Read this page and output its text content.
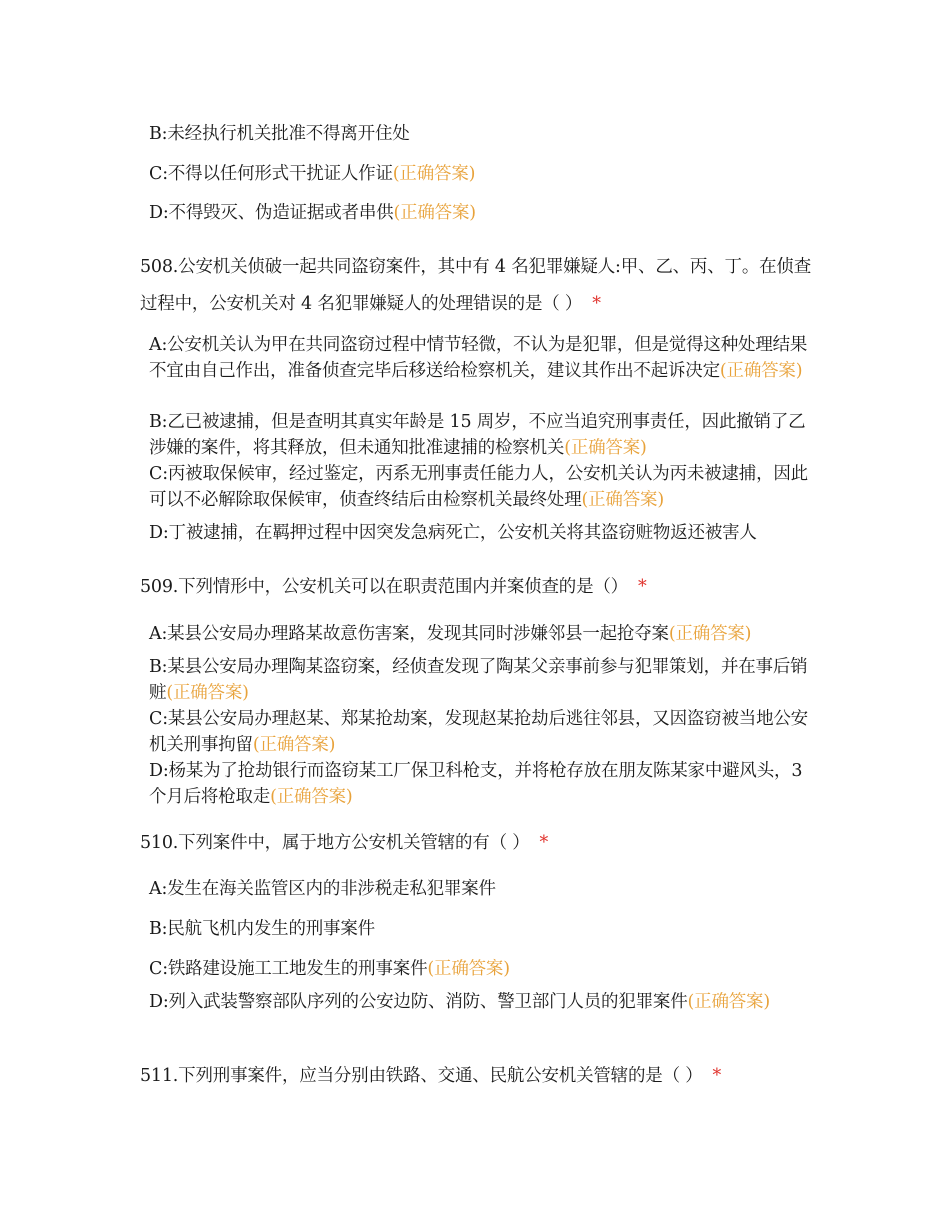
B:未经执行机关批准不得离开住处
C:不得以任何形式干扰证人作证(正确答案)
D:不得毁灭、伪造证据或者串供(正确答案)
508.公安机关侦破一起共同盗窃案件，其中有 4 名犯罪嫌疑人:甲、乙、丙、丁。在侦查过程中，公安机关对 4 名犯罪嫌疑人的处理错误的是（ ） *
A:公安机关认为甲在共同盗窃过程中情节轻微，不认为是犯罪，但是觉得这种处理结果不宜由自己作出，准备侦查完毕后移送给检察机关，建议其作出不起诉决定(正确答案)
B:乙已被逮捕，但是查明其真实年龄是 15 周岁，不应当追究刑事责任，因此撤销了乙涉嫌的案件，将其释放，但未通知批准逮捕的检察机关(正确答案)
C:丙被取保候审，经过鉴定，丙系无刑事责任能力人，公安机关认为丙未被逮捕，因此可以不必解除取保候审，侦查终结后由检察机关最终处理(正确答案)
D:丁被逮捕，在羁押过程中因突发急病死亡，公安机关将其盗窃赃物返还被害人
509.下列情形中，公安机关可以在职责范围内并案侦查的是（） *
A:某县公安局办理路某故意伤害案，发现其同时涉嫌邻县一起抢夺案(正确答案)
B:某县公安局办理陶某盗窃案，经侦查发现了陶某父亲事前参与犯罪策划，并在事后销赃(正确答案)
C:某县公安局办理赵某、郑某抢劫案，发现赵某抢劫后逃往邻县，又因盗窃被当地公安机关刑事拘留(正确答案)
D:杨某为了抢劫银行而盗窃某工厂保卫科枪支，并将枪存放在朋友陈某家中避风头，3 个月后将枪取走(正确答案)
510.下列案件中，属于地方公安机关管辖的有（ ） *
A:发生在海关监管区内的非涉税走私犯罪案件
B:民航飞机内发生的刑事案件
C:铁路建设施工工地发生的刑事案件(正确答案)
D:列入武装警察部队序列的公安边防、消防、警卫部门人员的犯罪案件(正确答案)
511.下列刑事案件，应当分别由铁路、交通、民航公安机关管辖的是（ ） *
